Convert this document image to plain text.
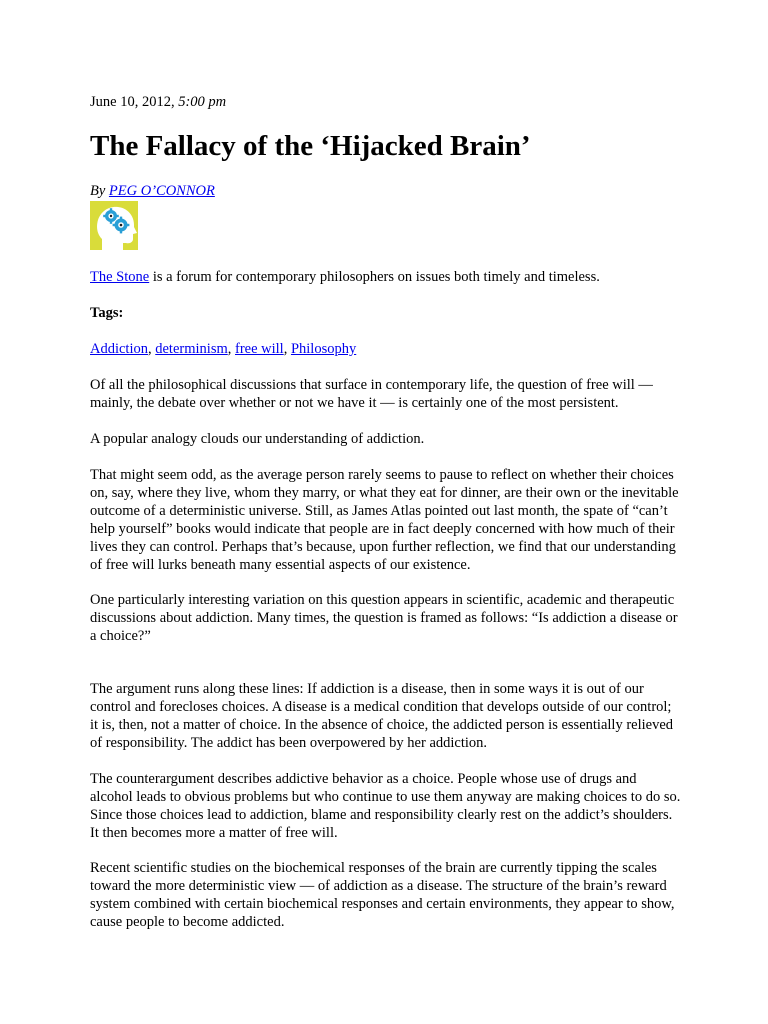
June 10, 2012, 5:00 pm
The Fallacy of the ‘Hijacked Brain’
By PEG O’CONNOR

The Stone is a forum for contemporary philosophers on issues both timely and timeless.

Tags:

Addiction, determinism, free will, Philosophy

Of all the philosophical discussions that surface in contemporary life, the question of free will — mainly, the debate over whether or not we have it — is certainly one of the most persistent.

A popular analogy clouds our understanding of addiction.

That might seem odd, as the average person rarely seems to pause to reflect on whether their choices on, say, where they live, whom they marry, or what they eat for dinner, are their own or the inevitable outcome of a deterministic universe. Still, as James Atlas pointed out last month, the spate of “can’t help yourself” books would indicate that people are in fact deeply concerned with how much of their lives they can control. Perhaps that’s because, upon further reflection, we find that our understanding of free will lurks beneath many essential aspects of our existence.

One particularly interesting variation on this question appears in scientific, academic and therapeutic discussions about addiction. Many times, the question is framed as follows: “Is addiction a disease or a choice?”

The argument runs along these lines: If addiction is a disease, then in some ways it is out of our control and forecloses choices. A disease is a medical condition that develops outside of our control; it is, then, not a matter of choice. In the absence of choice, the addicted person is essentially relieved of responsibility. The addict has been overpowered by her addiction.

The counterargument describes addictive behavior as a choice. People whose use of drugs and alcohol leads to obvious problems but who continue to use them anyway are making choices to do so. Since those choices lead to addiction, blame and responsibility clearly rest on the addict’s shoulders. It then becomes more a matter of free will.

Recent scientific studies on the biochemical responses of the brain are currently tipping the scales toward the more deterministic view — of addiction as a disease. The structure of the brain’s reward system combined with certain biochemical responses and certain environments, they appear to show, cause people to become addicted.
